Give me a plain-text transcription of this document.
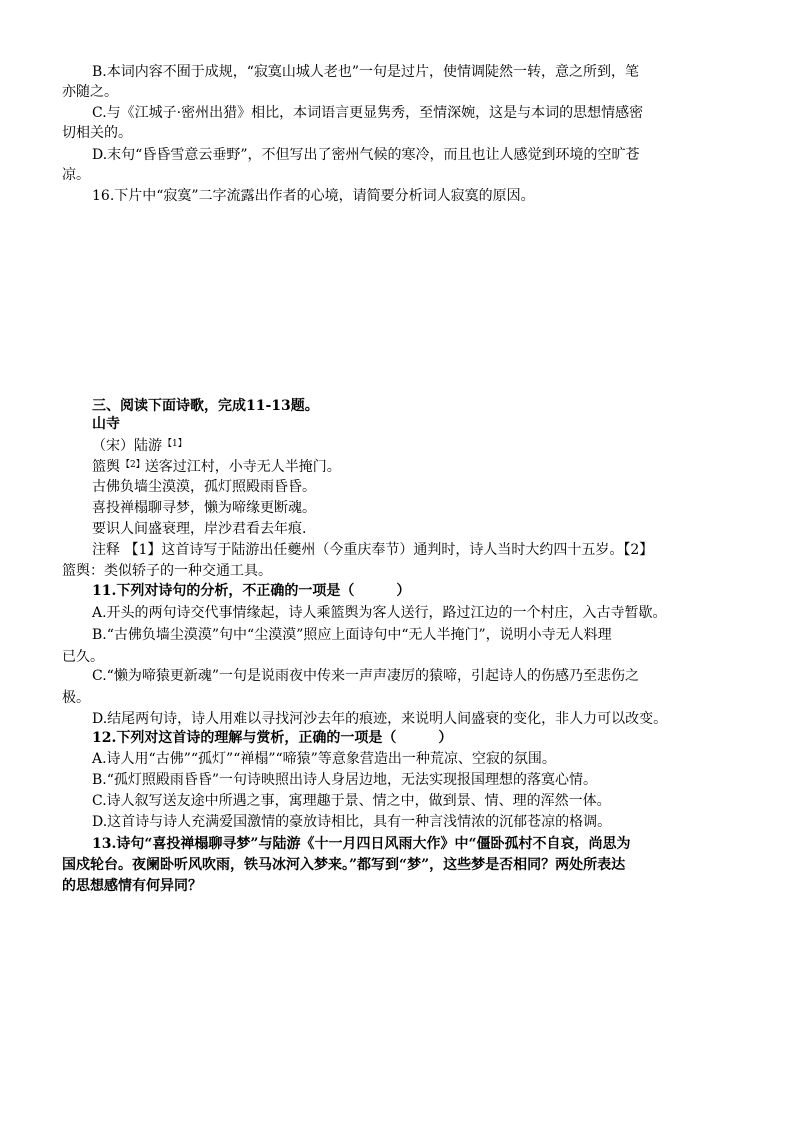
B.本词内容不囿于成规，“寂寞山城人老也”一句是过片，使情调陡然一转，意之所到，笔
亦随之。
C.与《江城子·密州出猎》相比，本词语言更显隽秀，至情深婉，这是与本词的思想情感密
切相关的。
D.末句“昏昏雪意云垂野”，不但写出了密州气候的寒冷，而且也让人感觉到环境的空旷苍
凉。
16.下片中“寂寞”二字流露出作者的心境，请简要分析词人寂寞的原因。
三、阅读下面诗歌，完成11-13题。
山寺
（宋）陆游$^{【1】}$
篮舆$^{【2】}$送客过江村，小寺无人半掩门。
古佛负墙尘漠漠，孤灯照殿雨昏昏。
喜投禅榻聊寻梦，懒为啼缘更断魂。
要识人间盛衰理，岸沙君看去年痕.
注释 【1】这首诗写于陆游出任夔州（今重庆奉节）通判时，诗人当时大约四十五岁。【2】
篮舆：类似轿子的一种交通工具。
11.下列对诗句的分析，不正确的一项是（　　　）
A.开头的两句诗交代事情缘起，诗人乘篮舆为客人送行，路过江边的一个村庄，入古寺暂歇。
B.“古佛负墙尘漠漠”句中“尘漠漠”照应上面诗句中“无人半掩门”，说明小寺无人料理
已久。
C.“懒为啼猿更新魂”一句是说雨夜中传来一声声凄厉的猿啼，引起诗人的伤感乃至悲伤之
极。
D.结尾两句诗，诗人用难以寻找河沙去年的痕迹，来说明人间盛衰的变化，非人力可以改变。
12.下列对这首诗的理解与赏析，正确的一项是（　　　）
A.诗人用“古佛”“孤灯”“禅榻”“啼猿”等意象营造出一种荒凉、空寂的氛围。
B.“孤灯照殿雨昏昏”一句诗映照出诗人身居边地，无法实现报国理想的落寞心情。
C.诗人叙写送友途中所遇之事，寓理趣于景、情之中，做到景、情、理的浑然一体。
D.这首诗与诗人充满爱国激情的豪放诗相比，具有一种言浅情浓的沉郁苍凉的格调。
13.诗句“喜投禅榻聊寻梦”与陆游《十一月四日风雨大作》中“僵卧孤村不自哀，尚思为
国戍轮台。夜阑卧听风吹雨，铁马冰河入梦来。”都写到“梦”，这些梦是否相同？两处所表达
的思想感情有何异同？
